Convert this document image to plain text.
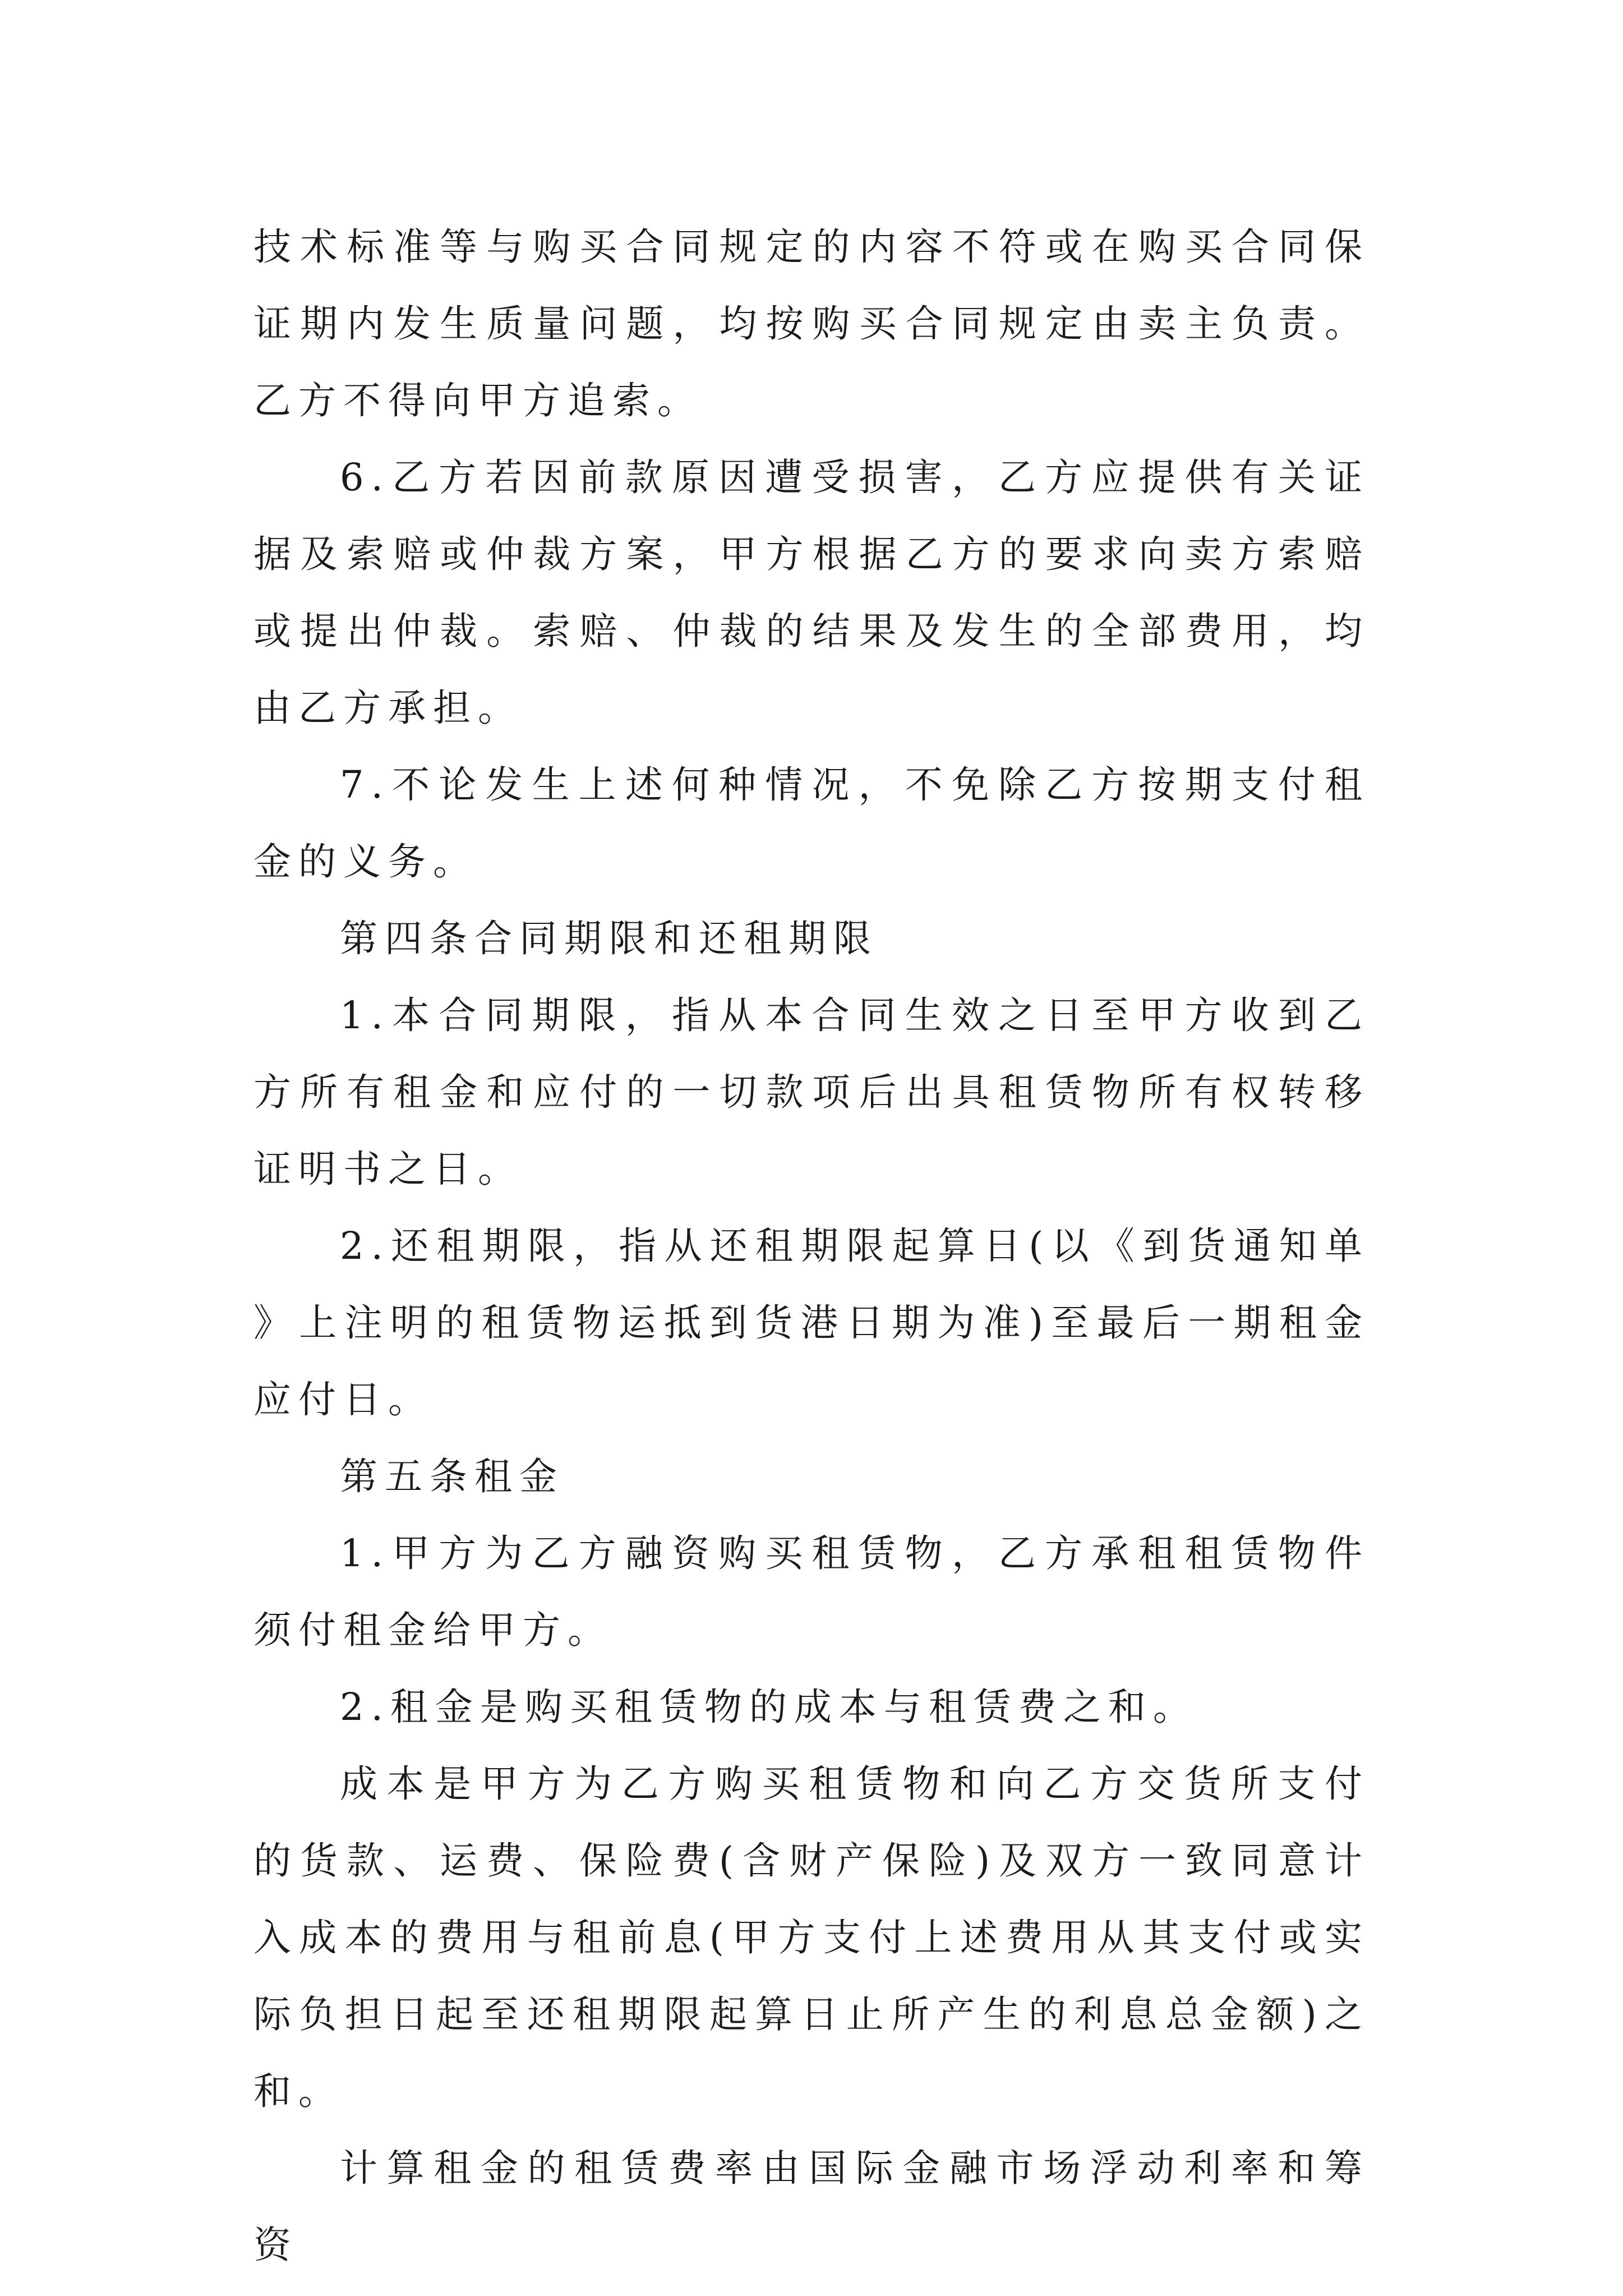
技术标准等与购买合同规定的内容不符或在购买合同保证期内发生质量问题，均按购买合同规定由卖主负责。乙方不得向甲方追索。

6.乙方若因前款原因遭受损害，乙方应提供有关证据及索赔或仲裁方案，甲方根据乙方的要求向卖方索赔或提出仲裁。索赔、仲裁的结果及发生的全部费用，均由乙方承担。

7.不论发生上述何种情况，不免除乙方按期支付租金的义务。

第四条合同期限和还租期限

1.本合同期限，指从本合同生效之日至甲方收到乙方所有租金和应付的一切款项后出具租赁物所有权转移证明书之日。

2.还租期限，指从还租期限起算日(以《到货通知单》上注明的租赁物运抵到货港日期为准)至最后一期租金应付日。

第五条租金

1.甲方为乙方融资购买租赁物，乙方承租租赁物件须付租金给甲方。

2.租金是购买租赁物的成本与租赁费之和。

成本是甲方为乙方购买租赁物和向乙方交货所支付的货款、运费、保险费(含财产保险)及双方一致同意计入成本的费用与租前息(甲方支付上述费用从其支付或实际负担日起至还租期限起算日止所产生的利息总金额)之和。

计算租金的租赁费率由国际金融市场浮动利率和筹资
